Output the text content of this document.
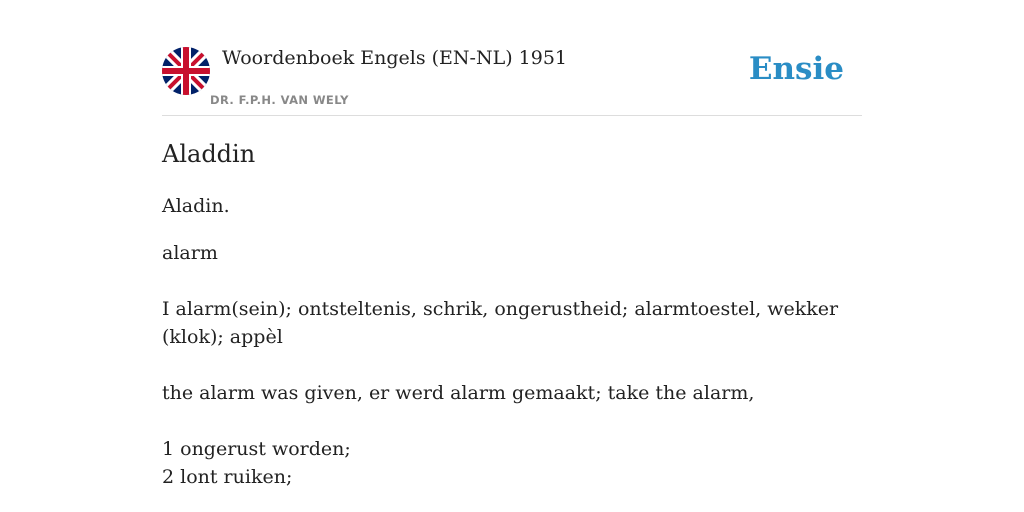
Woordenboek Engels (EN-NL) 1951
DR. F.P.H. VAN WELY
Ensie
Aladdin

Aladin.

alarm

I alarm(sein); ontsteltenis, schrik, ongerustheid; alarmtoestel, wekker (klok); appèl

the alarm was given, er werd alarm gemaakt; take the alarm,

1 ongerust worden;
2 lont ruiken;
